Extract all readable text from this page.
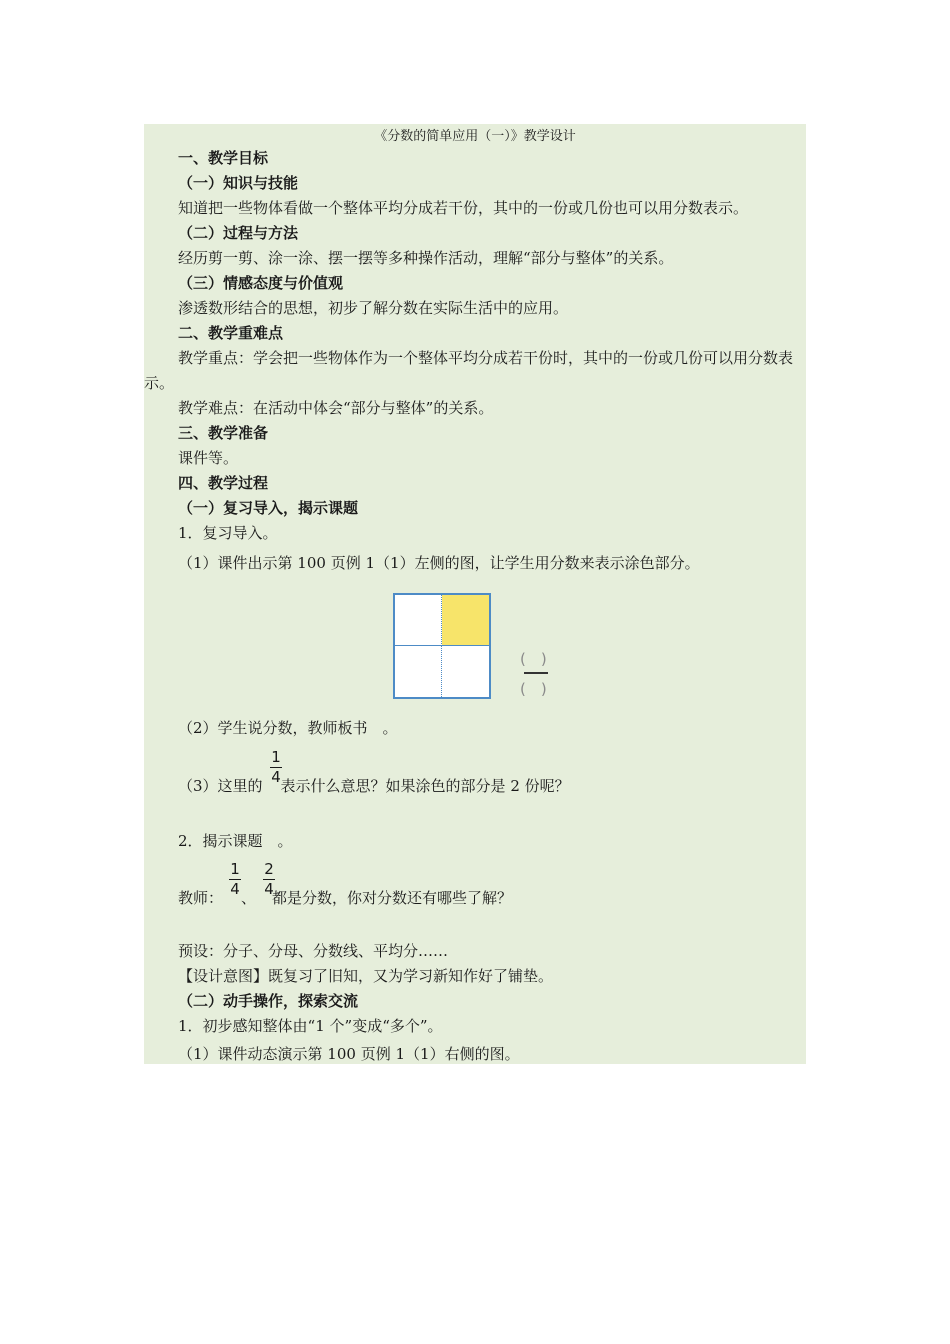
《分数的简单应用（一）》教学设计
一、教学目标
（一）知识与技能
知道把一些物体看做一个整体平均分成若干份，其中的一份或几份也可以用分数表示。
（二）过程与方法
经历剪一剪、涂一涂、摆一摆等多种操作活动，理解“部分与整体”的关系。
（三）情感态度与价值观
渗透数形结合的思想，初步了解分数在实际生活中的应用。
二、教学重难点
教学重点：学会把一些物体作为一个整体平均分成若干份时，其中的一份或几份可以用分数表示。
教学难点：在活动中体会“部分与整体”的关系。
三、教学准备
课件等。
四、教学过程
（一）复习导入，揭示课题
1．复习导入。
（1）课件出示第 100 页例 1（1）左侧的图，让学生用分数来表示涂色部分。
(　)
(　)
（2）学生说分数，教师板书　。
（3）这里的 表示什么意思？如果涂色的部分是 2 份呢？
1
4
2．揭示课题　。
教师： 、 都是分数，你对分数还有哪些了解？
1
4
2
4
预设：分子、分母、分数线、平均分……
【设计意图】既复习了旧知，又为学习新知作好了铺垫。
（二）动手操作，探索交流
1．初步感知整体由“1 个”变成“多个”。
（1）课件动态演示第 100 页例 1（1）右侧的图。
